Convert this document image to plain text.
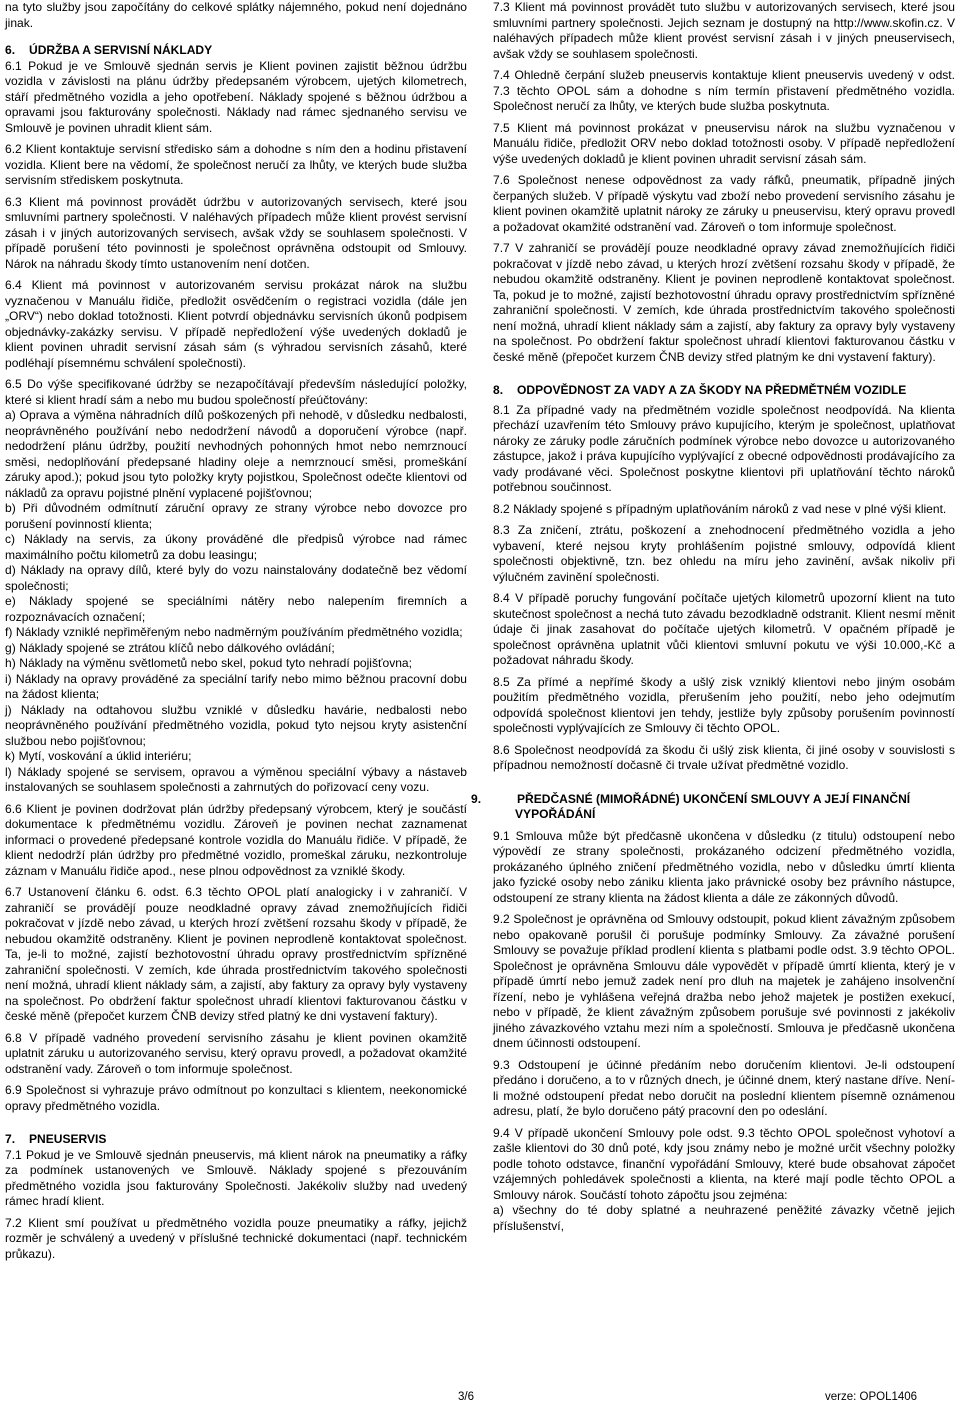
na tyto služby jsou započítány do celkové splátky nájemného, pokud není dojednáno jinak.

6. ÚDRŽBA A SERVISNÍ NÁKLADY

6.1 Pokud je ve Smlouvě sjednán servis je Klient povinen zajistit běžnou údržbu vozidla v závislosti na plánu údržby předepsaném výrobcem, ujetých kilometrech, stáří předmětného vozidla a jeho opotřebení. Náklady spojené s běžnou údržbou a opravami jsou fakturovány společnosti. Náklady nad rámec sjednaného servisu ve Smlouvě je povinen uhradit klient sám.

6.2 Klient kontaktuje servisní středisko sám a dohodne s ním den a hodinu přistavení vozidla. Klient bere na vědomí, že společnost neručí za lhůty, ve kterých bude služba servisním střediskem poskytnuta.

6.3 Klient má povinnost provádět údržbu v autorizovaných servisech, které jsou smluvními partnery společnosti. V naléhavých případech může klient provést servisní zásah i v jiných autorizovaných servisech, avšak vždy se souhlasem společnosti. V případě porušení této povinnosti je společnost oprávněna odstoupit od Smlouvy. Nárok na náhradu škody tímto ustanovením není dotčen.

6.4 Klient má povinnost v autorizovaném servisu prokázat nárok na službu vyznačenou v Manuálu řidiče, předložit osvědčením o registraci vozidla (dále jen „ORV“) nebo doklad totožnosti. Klient potvrdí objednávku servisních úkonů podpisem objednávky-zakázky servisu. V případě nepředložení výše uvedených dokladů je klient povinen uhradit servisní zásah sám (s výhradou servisních zásahů, které podléhají písemnému schválení společnosti).

6.5 Do výše specifikované údržby se nezapočítávají především následující položky, které si klient hradí sám a nebo mu budou společností přeúčtovány:

a) Oprava a výměna náhradních dílů poškozených při nehodě, v důsledku nedbalosti, neoprávněného používání nebo nedodržení návodů a doporučení výrobce (např. nedodržení plánu údržby, použití nevhodných pohonných hmot nebo nemrznoucí směsi, nedoplňování předepsané hladiny oleje a nemrznoucí směsi, promeškání záruky apod.); pokud jsou tyto položky kryty pojistkou, Společnost odečte klientovi od nákladů za opravu pojistné plnění vyplacené pojišťovnou;

b) Při důvodném odmítnutí záruční opravy ze strany výrobce nebo dovozce pro porušení povinností klienta;

c) Náklady na servis, za úkony prováděné dle předpisů výrobce nad rámec maximálního počtu kilometrů za dobu leasingu;

d) Náklady na opravy dílů, které byly do vozu nainstalovány dodatečně bez vědomí společnosti;

e) Náklady spojené se speciálními nátěry nebo nalepením firemních a rozpoznávacích označení;

f) Náklady vzniklé nepřiměřeným nebo nadměrným používáním předmětného vozidla;

g) Náklady spojené se ztrátou klíčů nebo dálkového ovládání;

h) Náklady na výměnu světlometů nebo skel, pokud tyto nehradí pojišťovna;

i) Náklady na opravy prováděné za speciální tarify nebo mimo běžnou pracovní dobu na žádost klienta;

j) Náklady na odtahovou službu vzniklé v důsledku havárie, nedbalosti nebo neoprávněného používání předmětného vozidla, pokud tyto nejsou kryty asistenční službou nebo pojišťovnou;

k) Mytí, voskování a úklid interiéru;

l) Náklady spojené se servisem, opravou a výměnou speciální výbavy a nástaveb instalovaných se souhlasem společnosti a zahrnutých do pořizovací ceny vozu.

6.6 Klient je povinen dodržovat plán údržby předepsaný výrobcem, který je součástí dokumentace k předmětnému vozidlu. Zároveň je povinen nechat zaznamenat informaci o provedené předepsané kontrole vozidla do Manuálu řidiče. V případě, že klient nedodrží plán údržby pro předmětné vozidlo, promeškal záruku, nezkontroluje záznam v Manuálu řidiče apod., nese plnou odpovědnost za vzniklé škody.

6.7 Ustanovení článku 6. odst. 6.3 těchto OPOL platí analogicky i v zahraničí. V zahraničí se provádějí pouze neodkladné opravy závad znemožňujících řidiči pokračovat v jízdě nebo závad, u kterých hrozí zvětšení rozsahu škody v případě, že nebudou okamžitě odstraněny. Klient je povinen neprodleně kontaktovat společnost. Ta, je-li to možné, zajistí bezhotovostní úhradu opravy prostřednictvím spřízněné zahraniční společnosti. V zemích, kde úhrada prostřednictvím takového společnosti není možná, uhradí klient náklady sám, a zajistí, aby faktury za opravy byly vystaveny na společnost. Po obdržení faktur společnost uhradí klientovi fakturovanou částku v české měně (přepočet kurzem ČNB devizy střed platný ke dni vystavení faktury).

6.8 V případě vadného provedení servisního zásahu je klient povinen okamžitě uplatnit záruku u autorizovaného servisu, který opravu provedl, a požadovat okamžité odstranění vady. Zároveň o tom informuje společnost.

6.9 Společnost si vyhrazuje právo odmítnout po konzultaci s klientem, neekonomické opravy předmětného vozidla.

7. PNEUSERVIS

7.1 Pokud je ve Smlouvě sjednán pneuservis, má klient nárok na pneumatiky a ráfky za podmínek ustanovených ve Smlouvě. Náklady spojené s přezouváním předmětného vozidla jsou fakturovány Společnosti. Jakékoliv služby nad uvedený rámec hradí klient.

7.2 Klient smí používat u předmětného vozidla pouze pneumatiky a ráfky, jejichž rozměr je schválený a uvedený v příslušné technické dokumentaci (např. technickém průkazu).

7.3 Klient má povinnost provádět tuto službu v autorizovaných servisech, které jsou smluvními partnery společnosti. Jejich seznam je dostupný na http://www.skofin.cz. V naléhavých případech může klient provést servisní zásah i v jiných pneuservisech, avšak vždy se souhlasem společnosti.

7.4 Ohledně čerpání služeb pneuservis kontaktuje klient pneuservis uvedený v odst. 7.3 těchto OPOL sám a dohodne s ním termín přistavení předmětného vozidla. Společnost neručí za lhůty, ve kterých bude služba poskytnuta.

7.5 Klient má povinnost prokázat v pneuservisu nárok na službu vyznačenou v Manuálu řidiče, předložit ORV nebo doklad totožnosti osoby. V případě nepředložení výše uvedených dokladů je klient povinen uhradit servisní zásah sám.

7.6 Společnost nenese odpovědnost za vady ráfků, pneumatik, případně jiných čerpaných služeb. V případě výskytu vad zboží nebo provedení servisního zásahu je klient povinen okamžitě uplatnit nároky ze záruky u pneuservisu, který opravu provedl a požadovat okamžité odstranění vad. Zároveň o tom informuje společnost.

7.7 V zahraničí se provádějí pouze neodkladné opravy závad znemožňujících řidiči pokračovat v jízdě nebo závad, u kterých hrozí zvětšení rozsahu škody v případě, že nebudou okamžitě odstraněny. Klient je povinen neprodleně kontaktovat společnost. Ta, pokud je to možné, zajistí bezhotovostní úhradu opravy prostřednictvím spřízněné zahraniční společnosti. V zemích, kde úhrada prostřednictvím takového společnosti není možná, uhradí klient náklady sám a zajistí, aby faktury za opravy byly vystaveny na společnost. Po obdržení faktur společnost uhradí klientovi fakturovanou částku v české měně (přepočet kurzem ČNB devizy střed platným ke dni vystavení faktury).

8. ODPOVĚDNOST ZA VADY A ZA ŠKODY NA PŘEDMĚTNÉM VOZIDLE

8.1 Za případné vady na předmětném vozidle společnost neodpovídá. Na klienta přechází uzavřením této Smlouvy právo kupujícího, kterým je společnost, uplatňovat nároky ze záruky podle záručních podmínek výrobce nebo dovozce u autorizovaného zástupce, jakož i práva kupujícího vyplývající z obecné odpovědnosti prodávajícího za vady prodávané věci. Společnost poskytne klientovi při uplatňování těchto nároků potřebnou součinnost.

8.2 Náklady spojené s případným uplatňováním nároků z vad nese v plné výši klient.

8.3 Za zničení, ztrátu, poškození a znehodnocení předmětného vozidla a jeho vybavení, které nejsou kryty prohlášením pojistné smlouvy, odpovídá klient společnosti objektivně, tzn. bez ohledu na míru jeho zavinění, avšak nikoliv při výlučném zavinění společnosti.

8.4 V případě poruchy fungování počítače ujetých kilometrů upozorní klient na tuto skutečnost společnost a nechá tuto závadu bezodkladně odstranit. Klient nesmí měnit údaje či jinak zasahovat do počítače ujetých kilometrů. V opačném případě je společnost oprávněna uplatnit vůči klientovi smluvní pokutu ve výši 10.000,-Kč a požadovat náhradu škody.

8.5 Za přímé a nepřímé škody a ušlý zisk vzniklý klientovi nebo jiným osobám použitím předmětného vozidla, přerušením jeho použití, nebo jeho odejmutím odpovídá společnost klientovi jen tehdy, jestliže byly způsoby porušením povinností společnosti vyplývajících ze Smlouvy či těchto OPOL.

8.6 Společnost neodpovídá za škodu či ušlý zisk klienta, či jiné osoby v souvislosti s případnou nemožností dočasně či trvale užívat předmětné vozidlo.

9.	PŘEDČASNÉ (MIMOŘÁDNÉ) UKONČENÍ SMLOUVY A JEJÍ FINANČNÍ VYPOŘÁDÁNÍ

9.1 Smlouva může být předčasně ukončena v důsledku (z titulu) odstoupení nebo výpovědí ze strany společnosti, prokázaného odcizení předmětného vozidla, prokázaného úplného zničení předmětného vozidla, nebo v důsledku úmrtí klienta jako fyzické osoby nebo zániku klienta jako právnické osoby bez právního nástupce, odstoupení ze strany klienta na žádost klienta a dále ze zákonných důvodů.

9.2 Společnost je oprávněna od Smlouvy odstoupit, pokud klient závažným způsobem nebo opakovaně porušil či porušuje podmínky Smlouvy. Za závažné porušení Smlouvy se považuje příklad prodlení klienta s platbami podle odst. 3.9 těchto OPOL. Společnost je oprávněna Smlouvu dále vypovědět v případě úmrtí klienta, který je v případě úmrtí nebo jemuž zadek není pro dluh na majetek je zahájeno insolvenční řízení, nebo je vyhlášena veřejná dražba nebo jehož majetek je postižen exekucí, nebo v případě, že klient závažným způsobem porušuje své povinnosti z jakékoliv jiného závazkového vztahu mezi ním a společností. Smlouva je předčasně ukončena dnem účinnosti odstoupení.

9.3 Odstoupení je účinné předáním nebo doručením klientovi. Je-li odstoupení předáno i doručeno, a to v různých dnech, je účinné dnem, který nastane dříve. Není-li možné odstoupení předat nebo doručit na poslední klientem písemně oznámenou adresu, platí, že bylo doručeno pátý pracovní den po odeslání.

9.4 V případě ukončení Smlouvy pole odst. 9.3 těchto OPOL společnost vyhotoví a zašle klientovi do 30 dnů poté, kdy jsou známy nebo je možné určit všechny položky podle tohoto odstavce, finanční vypořádání Smlouvy, které bude obsahovat zápočet vzájemných pohledávek společnosti a klienta, na které mají podle těchto OPOL a Smlouvy nárok. Součástí tohoto zápočtu jsou zejména:

a) všechny do té doby splatné a neuhrazené peněžité závazky včetně jejich příslušenství,

3/6	verze: OPOL1406
